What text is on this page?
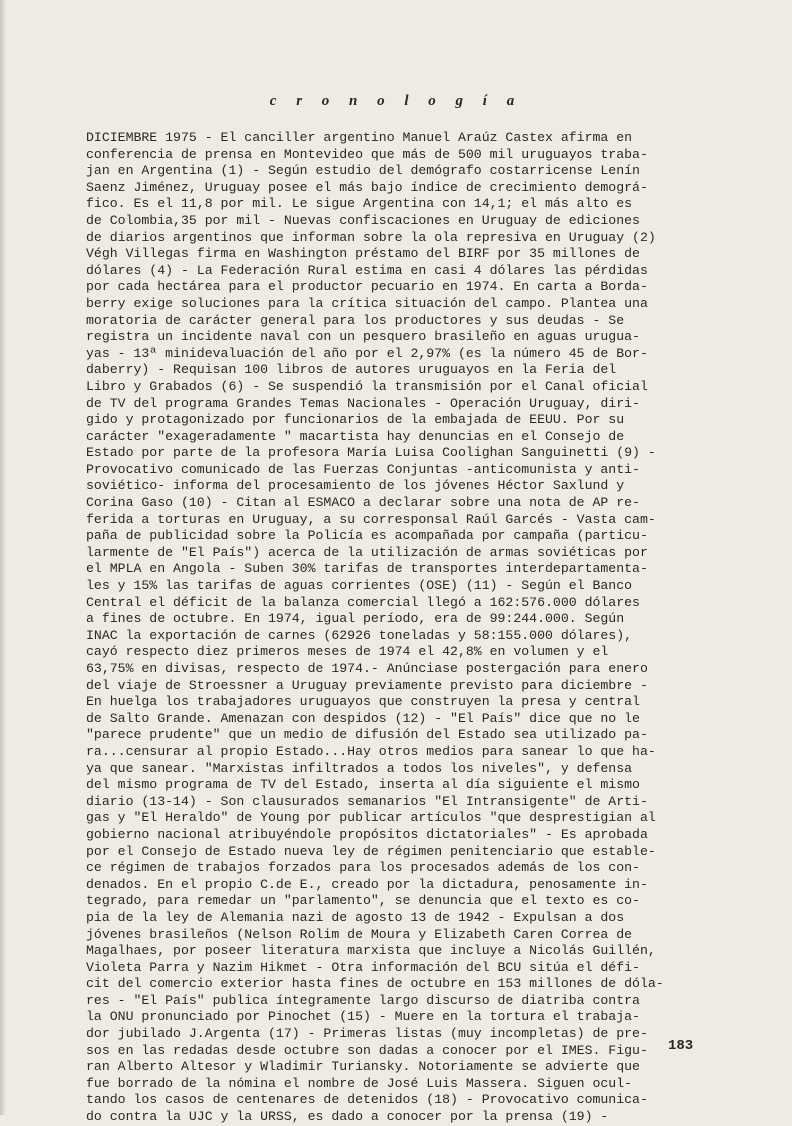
c r o n o l o g í a
DICIEMBRE 1975 - El canciller argentino Manuel Araúz Castex afirma en
conferencia de prensa en Montevideo que más de 500 mil uruguayos traba-
jan en Argentina (1) - Según estudio del demógrafo costarricense Lenín
Saenz Jiménez, Uruguay posee el más bajo índice de crecimiento demográ-
fico. Es el 11,8 por mil. Le sigue Argentina con 14,1; el más alto es
de Colombia,35 por mil - Nuevas confiscaciones en Uruguay de ediciones
de diarios argentinos que informan sobre la ola represiva en Uruguay (2)
Végh Villegas firma en Washington préstamo del BIRF por 35 millones de
dólares (4) - La Federación Rural estima en casi 4 dólares las pérdidas
por cada hectárea para el productor pecuario en 1974. En carta a Borda-
berry exige soluciones para la crítica situación del campo. Plantea una
moratoria de carácter general para los productores y sus deudas - Se
registra un incidente naval con un pesquero brasileño en aguas urugua-
yas - 13ª minidevaluación del año por el 2,97% (es la número 45 de Bor-
daberry) - Requisan 100 libros de autores uruguayos en la Feria del
Libro y Grabados (6) - Se suspendió la transmisión por el Canal oficial
de TV del programa Grandes Temas Nacionales - Operación Uruguay, diri-
gido y protagonizado por funcionarios de la embajada de EEUU. Por su
carácter "exageradamente " macartista hay denuncias en el Consejo de
Estado por parte de la profesora María Luisa Coolighan Sanguinetti (9) -
Provocativo comunicado de las Fuerzas Conjuntas -anticomunista y anti-
soviético- informa del procesamiento de los jóvenes Héctor Saxlund y
Corina Gaso (10) - Citan al ESMACO a declarar sobre una nota de AP re-
ferida a torturas en Uruguay, a su corresponsal Raúl Garcés - Vasta cam-
paña de publicidad sobre la Policía es acompañada por campaña (particu-
larmente de "El País") acerca de la utilización de armas soviéticas por
el MPLA en Angola - Suben 30% tarifas de transportes interdepartamenta-
les y 15% las tarifas de aguas corrientes (OSE) (11) - Según el Banco
Central el déficit de la balanza comercial llegó a 162:576.000 dólares
a fines de octubre. En 1974, igual período, era de 99:244.000. Según
INAC la exportación de carnes (62926 toneladas y 58:155.000 dólares),
cayó respecto diez primeros meses de 1974 el 42,8% en volumen y el
63,75% en divisas, respecto de 1974.- Anúnciase postergación para enero
del viaje de Stroessner a Uruguay previamente previsto para diciembre -
En huelga los trabajadores uruguayos que construyen la presa y central
de Salto Grande. Amenazan con despidos (12) - "El País" dice que no le
"parece prudente" que un medio de difusión del Estado sea utilizado pa-
ra...censurar al propio Estado...Hay otros medios para sanear lo que ha-
ya que sanear. "Marxistas infiltrados a todos los niveles", y defensa
del mismo programa de TV del Estado, inserta al día siguiente el mismo
diario (13-14) - Son clausurados semanarios "El Intransigente" de Arti-
gas y "El Heraldo" de Young por publicar artículos "que desprestigian al
gobierno nacional atribuyéndole propósitos dictatoriales" - Es aprobada
por el Consejo de Estado nueva ley de régimen penitenciario que estable-
ce régimen de trabajos forzados para los procesados además de los con-
denados. En el propio C.de E., creado por la dictadura, penosamente in-
tegrado, para remedar un "parlamento", se denuncia que el texto es co-
pia de la ley de Alemania nazi de agosto 13 de 1942 - Expulsan a dos
jóvenes brasileños (Nelson Rolim de Moura y Elizabeth Caren Correa de
Magalhaes, por poseer literatura marxista que incluye a Nicolás Guillén,
Violeta Parra y Nazim Hikmet - Otra información del BCU sitúa el défi-
cit del comercio exterior hasta fines de octubre en 153 millones de dóla-
res - "El País" publica íntegramente largo discurso de diatriba contra
la ONU pronunciado por Pinochet (15) - Muere en la tortura el trabaja-
dor jubilado J.Argenta (17) - Primeras listas (muy incompletas) de pre-
sos en las redadas desde octubre son dadas a conocer por el IMES. Figu-
ran Alberto Altesor y Wladimir Turiansky. Notoriamente se advierte que
fue borrado de la nómina el nombre de José Luis Massera. Siguen ocul-
tando los casos de centenares de detenidos (18) - Provocativo comunica-
do contra la UJC y la URSS, es dado a conocer por la prensa (19) -
183
